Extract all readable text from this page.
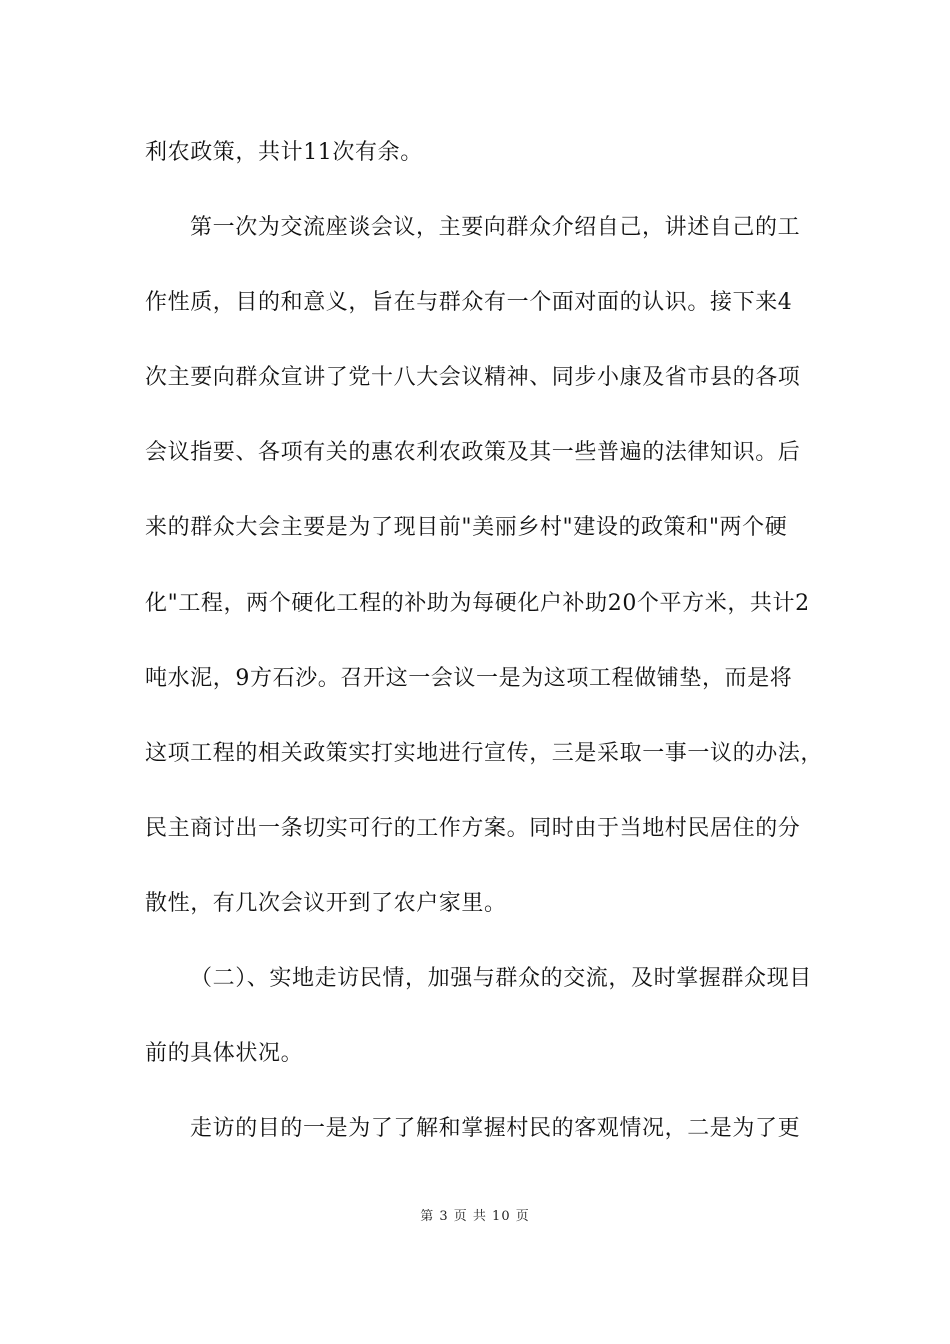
利农政策，共计11次有余。
第一次为交流座谈会议，主要向群众介绍自己，讲述自己的工
作性质，目的和意义，旨在与群众有一个面对面的认识。接下来4
次主要向群众宣讲了党十八大会议精神、同步小康及省市县的各项
会议指要、各项有关的惠农利农政策及其一些普遍的法律知识。后
来的群众大会主要是为了现目前"美丽乡村"建设的政策和"两个硬
化"工程，两个硬化工程的补助为每硬化户补助20个平方米，共计2
吨水泥，9方石沙。召开这一会议一是为这项工程做铺垫，而是将
这项工程的相关政策实打实地进行宣传，三是采取一事一议的办法，
民主商讨出一条切实可行的工作方案。同时由于当地村民居住的分
散性，有几次会议开到了农户家里。
（二）、实地走访民情，加强与群众的交流，及时掌握群众现目
前的具体状况。
走访的目的一是为了了解和掌握村民的客观情况，二是为了更
第 3 页 共 10 页
